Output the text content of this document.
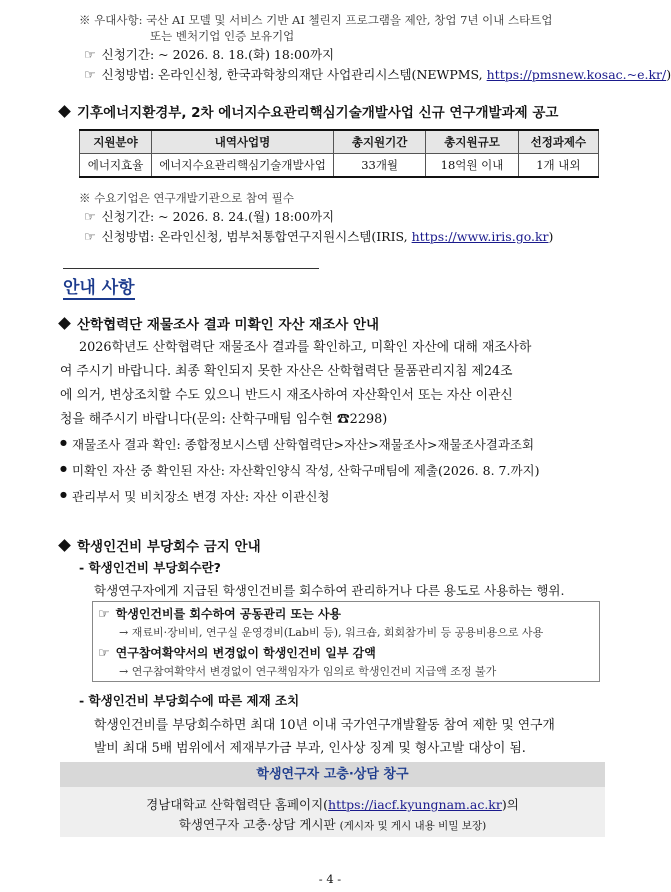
※ 우대사항: 국산 AI 모델 및 서비스 기반 AI 첼린지 프로그램을 제안, 창업 7년 이내 스타트업
또는 벤처기업 인증 보유기업
☞ 신청기간: ~ 2026. 8. 18.(화) 18:00까지
☞ 신청방법: 온라인신청, 한국과학창의재단 사업관리시스템(NEWPMS, https://pmsnew.kosac.~e.kr/)
기후에너지환경부, 2차 에너지수요관리핵심기술개발사업 신규 연구개발과제 공고
지원분야	내역사업명	총지원기간	총지원규모	선정과제수
에너지효율	에너지수요관리핵심기술개발사업	33개월	18억원 이내	1개 내외
※ 수요기업은 연구개발기관으로 참여 필수
☞ 신청기간: ~ 2026. 8. 24.(월) 18:00까지
☞ 신청방법: 온라인신청, 범부처통합연구지원시스템(IRIS, https://www.iris.go.kr)
안내 사항
산학협력단 재물조사 결과 미확인 자산 재조사 안내
2026학년도 산학협력단 재물조사 결과를 확인하고, 미확인 자산에 대해 재조사하
여 주시기 바랍니다. 최종 확인되지 못한 자산은 산학협력단 물품관리지침 제24조
에 의거, 변상조치할 수도 있으니 반드시 재조사하여 자산확인서 또는 자산 이관신
청을 해주시기 바랍니다(문의: 산학구매팀 임수현 ☎2298)
● 재물조사 결과 확인: 종합정보시스템 산학협력단>자산>재물조사>재물조사결과조회
● 미확인 자산 중 확인된 자산: 자산확인양식 작성, 산학구매팀에 제출(2026. 8. 7.까지)
● 관리부서 및 비치장소 변경 자산: 자산 이관신청
학생인건비 부당회수 금지 안내
- 학생인건비 부당회수란?
학생연구자에게 지급된 학생인건비를 회수하여 관리하거나 다른 용도로 사용하는 행위.
☞ 학생인건비를 회수하여 공동관리 또는 사용
→ 재료비·장비비, 연구실 운영경비(Lab비 등), 워크숍, 회회참가비 등 공용비용으로 사용
☞ 연구참여확약서의 변경없이 학생인건비 일부 감액
→ 연구참여확약서 변경없이 연구책임자가 임의로 학생인건비 지급액 조정 불가
- 학생인건비 부당회수에 따른 제재 조치
학생인건비를 부당회수하면 최대 10년 이내 국가연구개발활동 참여 제한 및 연구개
발비 최대 5배 범위에서 제재부가금 부과, 인사상 징계 및 형사고발 대상이 됨.
학생연구자 고충·상담 창구
경남대학교 산학협력단 홈페이지(https://iacf.kyungnam.ac.kr)의
학생연구자 고충·상담 게시판 (게시자 및 게시 내용 비밀 보장)
- 4 -
